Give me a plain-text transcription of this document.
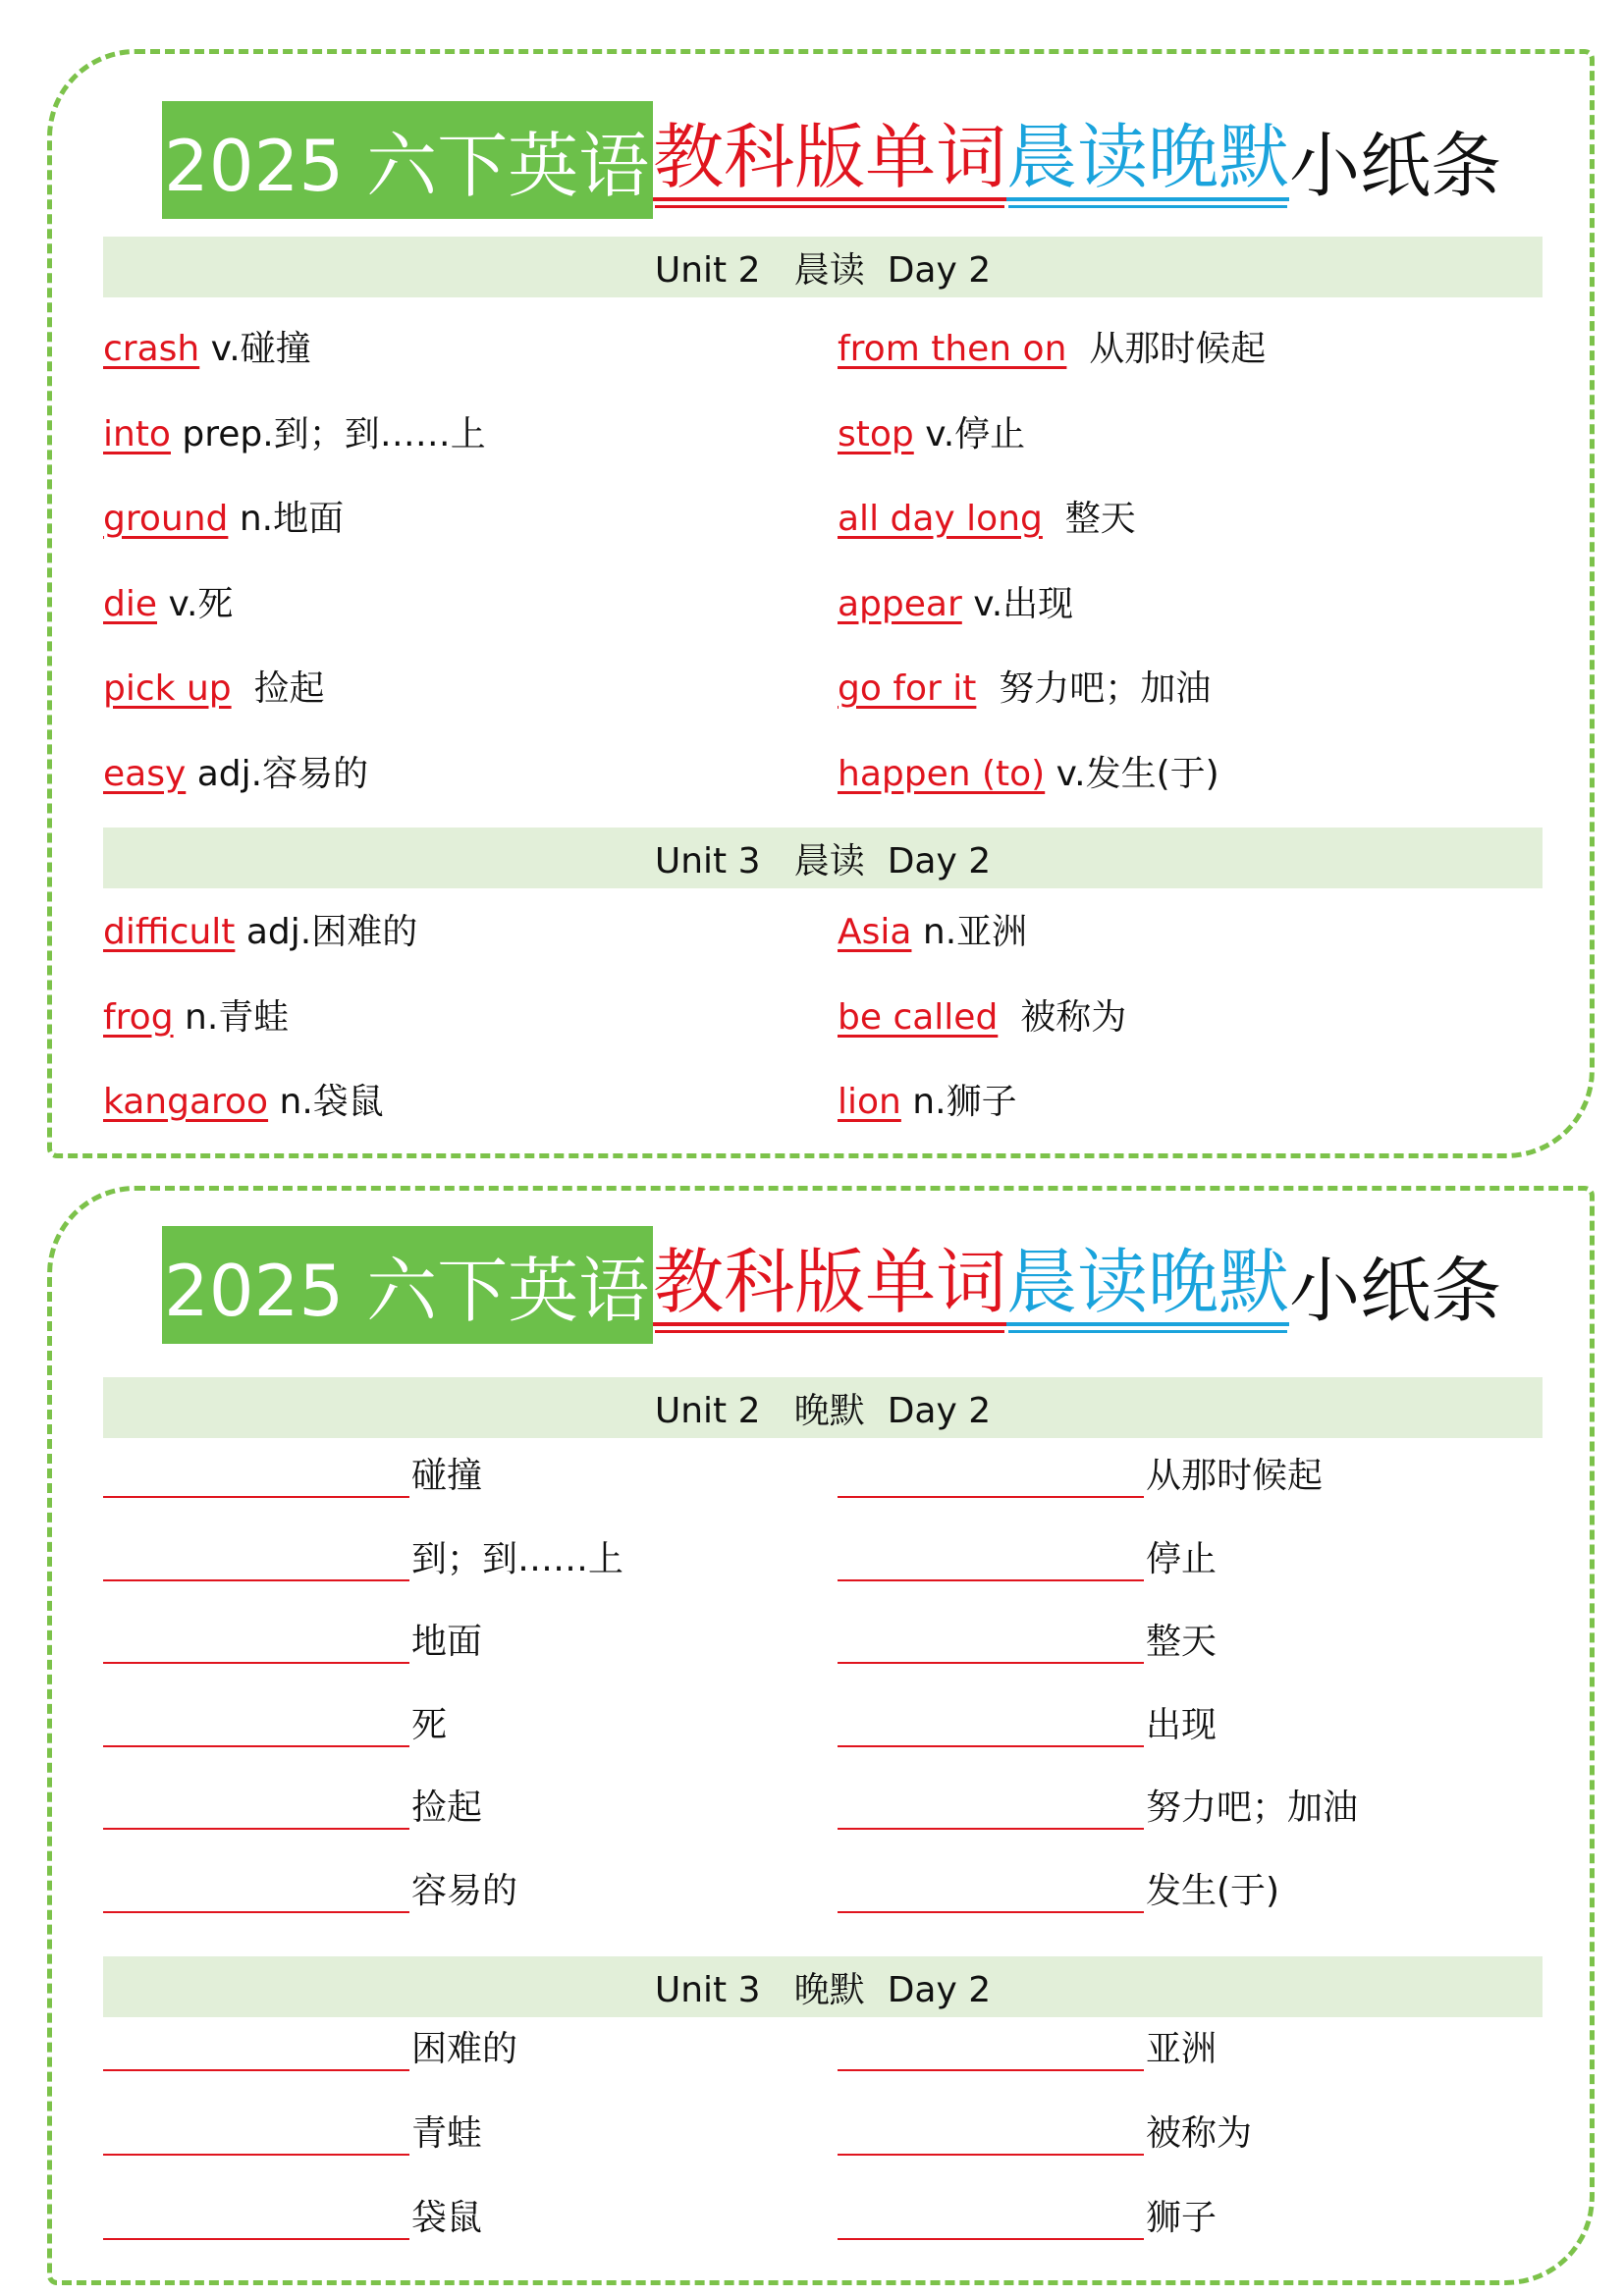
2025 六下英语 教科版单词 晨读晚默 小纸条
Unit 2   晨读  Day 2
crash v.碰撞
into prep.到；到……上
ground n.地面
die v.死
pick up  捡起
easy adj.容易的
from then on  从那时候起
stop v.停止
all day long  整天
appear v.出现
go for it  努力吧；加油
happen (to) v.发生(于)
Unit 3   晨读  Day 2
difficult adj.困难的
frog n.青蛙
kangaroo n.袋鼠
Asia n.亚洲
be called  被称为
lion n.狮子
2025 六下英语 教科版单词 晨读晚默 小纸条
Unit 2   晚默  Day 2
碰撞
到；到……上
地面
死
捡起
容易的
从那时候起
停止
整天
出现
努力吧；加油
发生(于)
Unit 3   晚默  Day 2
困难的
青蛙
袋鼠
亚洲
被称为
狮子
